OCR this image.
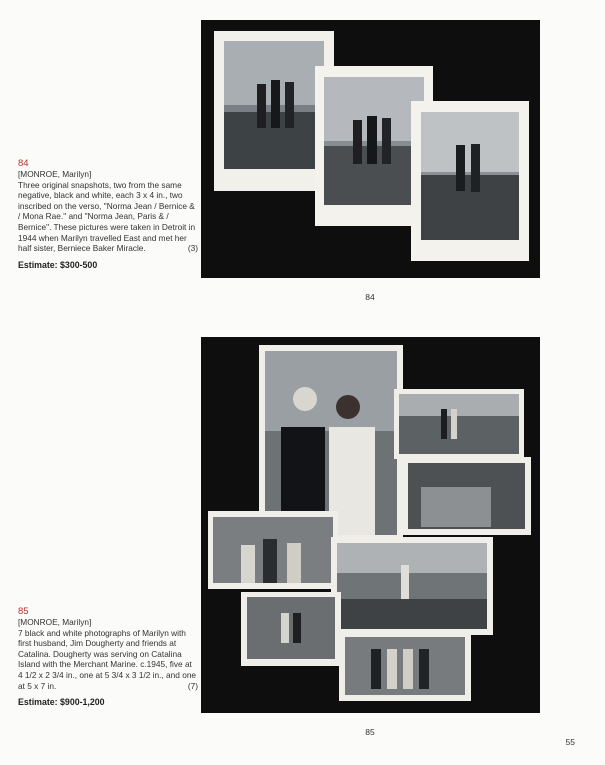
84
[MONROE, Marilyn]
Three original snapshots, two from the same negative, black and white, each 3 x 4 in., two inscribed on the verso, "Norma Jean / Bernice & / Mona Rae." and "Norma Jean, Paris & / Bernice". These pictures were taken in Detroit in 1944 when Marilyn travelled East and met her half sister, Berniece Baker Miracle.	(3)
Estimate: $300-500
84
85
[MONROE, Marilyn]
7 black and white photographs of Marilyn with first husband, Jim Dougherty and friends at Catalina. Dougherty was serving on Catalina Island with the Merchant Marine. c.1945, five at 4 1/2 x 2 3/4 in., one at 5 3/4 x 3 1/2 in., and one at 5 x 7 in.	(7)
Estimate: $900-1,200
85
55
